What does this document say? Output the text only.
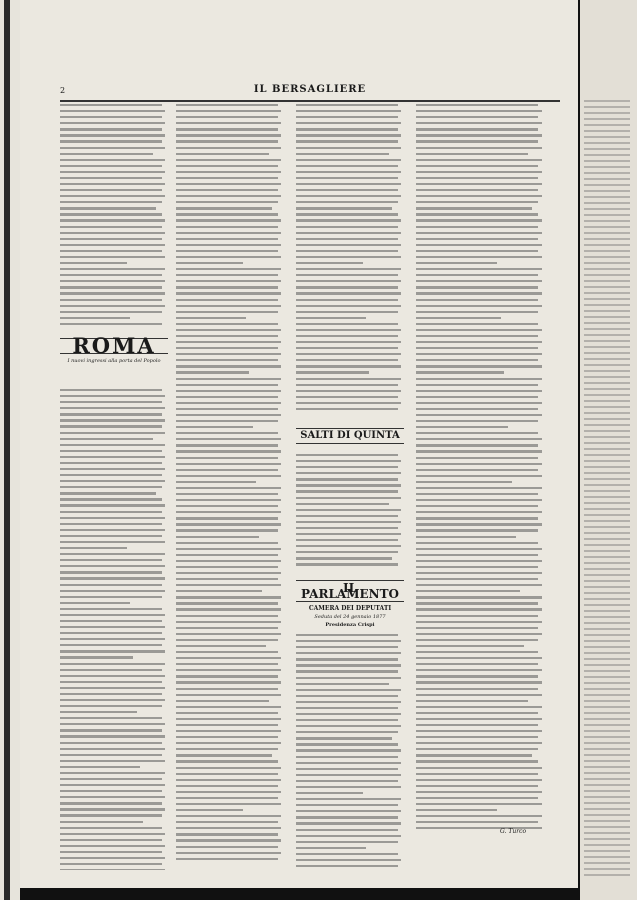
2	IL BERSAGLIERE
ROMA
I nuovi ingressi alla porta del Popolo
SALTI DI QUINTA
IL PARLAMENTO
CAMERA DEI DEPUTATI
Seduta del 24 gennaio 1877
Presidenza Crispi
G. Turco
